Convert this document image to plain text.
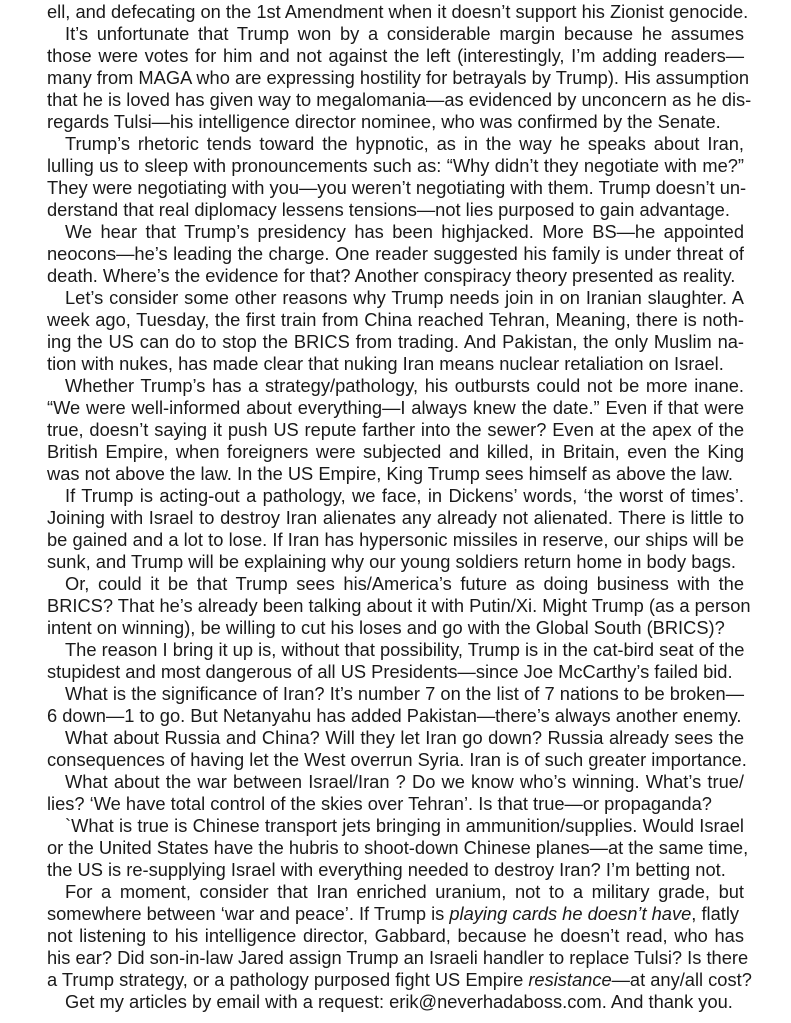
ell, and defecating on the 1st Amendment when it doesn’t support his Zionist genocide.
It’s unfortunate that Trump won by a considerable margin because he assumes
those were votes for him and not against the left (interestingly, I’m adding readers—
many from MAGA who are expressing hostility for betrayals by Trump). His assumption
that he is loved has given way to megalomania—as evidenced by unconcern as he dis-
regards Tulsi—his intelligence director nominee, who was confirmed by the Senate.
Trump’s rhetoric tends toward the hypnotic, as in the way he speaks about Iran,
lulling us to sleep with pronouncements such as: “Why didn’t they negotiate with me?”
They were negotiating with you—you weren’t negotiating with them. Trump doesn’t un-
derstand that real diplomacy lessens tensions—not lies purposed to gain advantage.
We hear that Trump’s presidency has been highjacked. More BS—he appointed
neocons—he’s leading the charge. One reader suggested his family is under threat of
death. Where’s the evidence for that? Another conspiracy theory presented as reality.
Let’s consider some other reasons why Trump needs join in on Iranian slaughter. A
week ago, Tuesday, the first train from China reached Tehran, Meaning, there is noth-
ing the US can do to stop the BRICS from trading. And Pakistan, the only Muslim na-
tion with nukes, has made clear that nuking Iran means nuclear retaliation on Israel.
Whether Trump’s has a strategy/pathology, his outbursts could not be more inane.
“We were well-informed about everything—I always knew the date.” Even if that were
true, doesn’t saying it push US repute farther into the sewer? Even at the apex of the
British Empire, when foreigners were subjected and killed, in Britain, even the King
was not above the law. In the US Empire, King Trump sees himself as above the law.
If Trump is acting-out a pathology, we face, in Dickens’ words, ‘the worst of times’.
Joining with Israel to destroy Iran alienates any already not alienated. There is little to
be gained and a lot to lose. If Iran has hypersonic missiles in reserve, our ships will be
sunk, and Trump will be explaining why our young soldiers return home in body bags.
Or, could it be that Trump sees his/America’s future as doing business with the
BRICS? That he’s already been talking about it with Putin/Xi. Might Trump (as a person
intent on winning), be willing to cut his loses and go with the Global South (BRICS)?
The reason I bring it up is, without that possibility, Trump is in the cat-bird seat of the
stupidest and most dangerous of all US Presidents—since Joe McCarthy’s failed bid.
What is the significance of Iran? It’s number 7 on the list of 7 nations to be broken—
6 down—1 to go. But Netanyahu has added Pakistan—there’s always another enemy.
What about Russia and China? Will they let Iran go down? Russia already sees the
consequences of having let the West overrun Syria. Iran is of such greater importance.
What about the war between Israel/Iran ? Do we know who’s winning. What’s true/
lies? ‘We have total control of the skies over Tehran’. Is that true—or propaganda?
`What is true is Chinese transport jets bringing in ammunition/supplies. Would Israel
or the United States have the hubris to shoot-down Chinese planes—at the same time,
the US is re-supplying Israel with everything needed to destroy Iran? I’m betting not.
For a moment, consider that Iran enriched uranium, not to a military grade, but
somewhere between ‘war and peace’. If Trump is playing cards he doesn’t have, flatly
not listening to his intelligence director, Gabbard, because he doesn’t read, who has
his ear? Did son-in-law Jared assign Trump an Israeli handler to replace Tulsi? Is there
a Trump strategy, or a pathology purposed fight US Empire resistance—at any/all cost?
Get my articles by email with a request: erik@neverhadaboss.com. And thank you.
